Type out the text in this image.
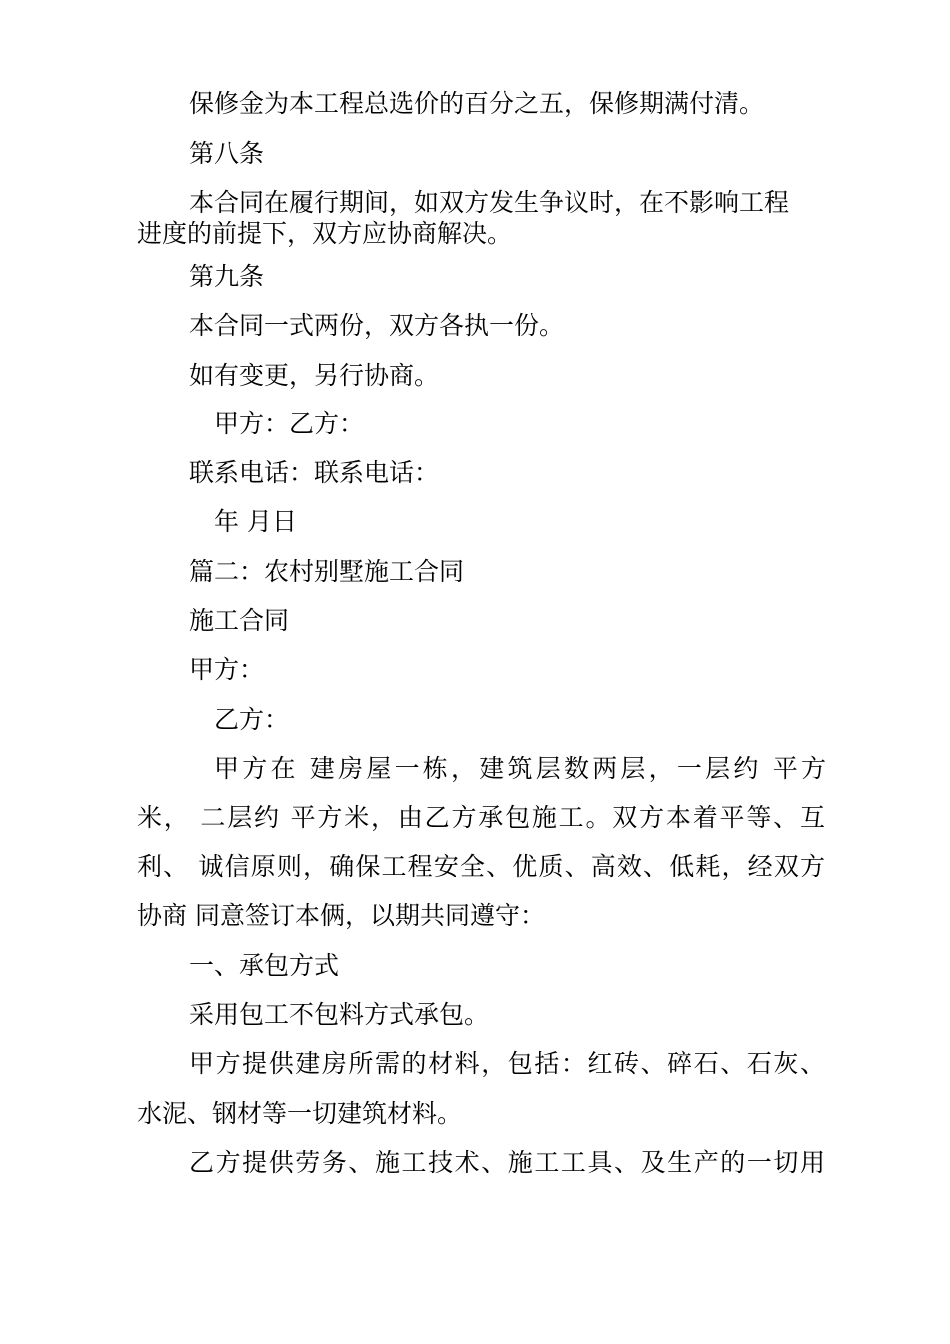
保修金为本工程总选价的百分之五，保修期满付清。
第八条
本合同在履行期间，如双方发生争议时，在不影响工程
进度的前提下，双方应协商解决。
第九条
本合同一式两份，双方各执一份。
如有变更，另行协商。
甲方：乙方：
联系电话：联系电话：
年 月日
篇二：农村别墅施工合同
施工合同
甲方：
乙方：
甲方在 建房屋一栋，建筑层数两层，一层约 平方
米， 二层约 平方米，由乙方承包施工。双方本着平等、互
利、 诚信原则，确保工程安全、优质、高效、低耗，经双方
协商 同意签订本俩，以期共同遵守：
一、承包方式
采用包工不包料方式承包。
甲方提供建房所需的材料，包括：红砖、碎石、石灰、
水泥、钢材等一切建筑材料。
乙方提供劳务、施工技术、施工工具、及生产的一切用
